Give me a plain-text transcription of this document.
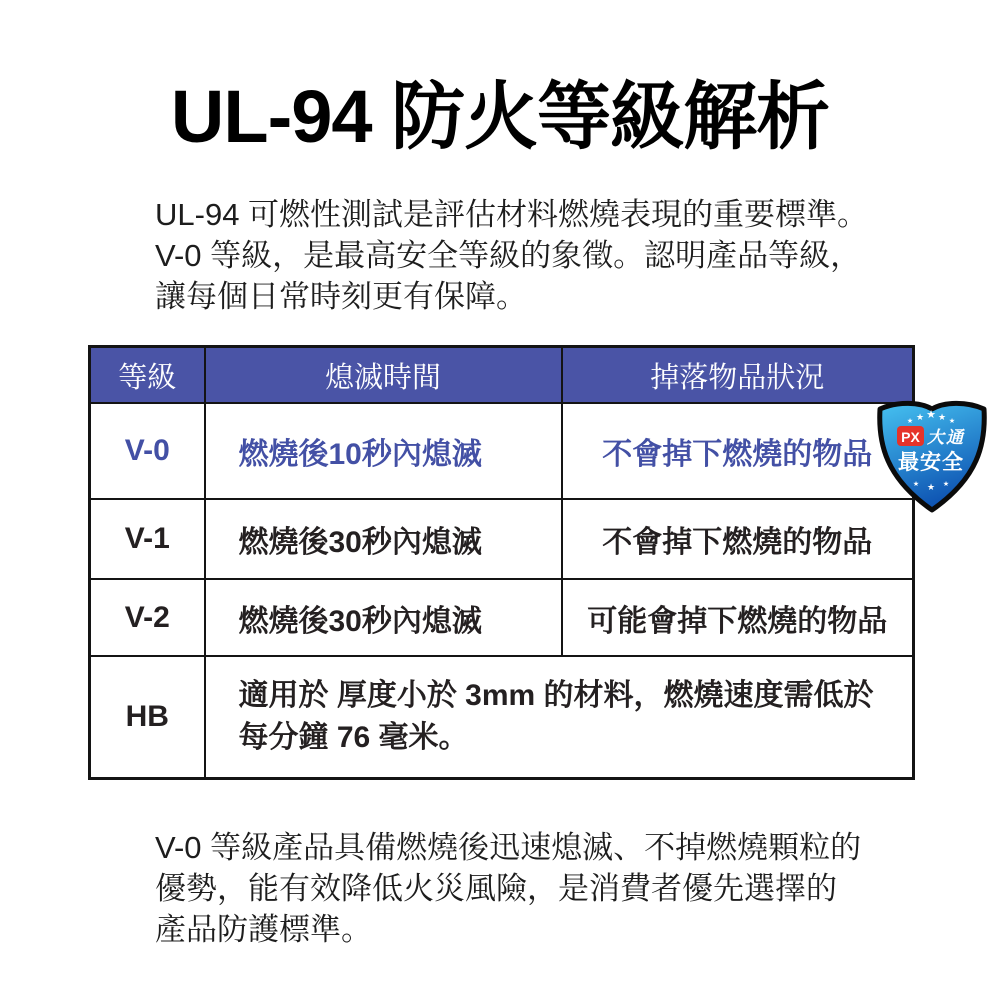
UL-94 防火等級解析
UL-94 可燃性測試是評估材料燃燒表現的重要標準。
V-0 等級，是最高安全等級的象徵。認明產品等級，
讓每個日常時刻更有保障。
等級	熄滅時間	掉落物品狀況
V-0	燃燒後10秒內熄滅	不會掉下燃燒的物品
V-1	燃燒後30秒內熄滅	不會掉下燃燒的物品
V-2	燃燒後30秒內熄滅	可能會掉下燃燒的物品
HB	適用於 厚度小於 3mm 的材料，燃燒速度需低於
每分鐘 76 毫米。	
★ ★ ★ ★ ★
PX 大通
最安全
★ ★ ★
V-0 等級產品具備燃燒後迅速熄滅、不掉燃燒顆粒的
優勢，能有效降低火災風險，是消費者優先選擇的
產品防護標準。
